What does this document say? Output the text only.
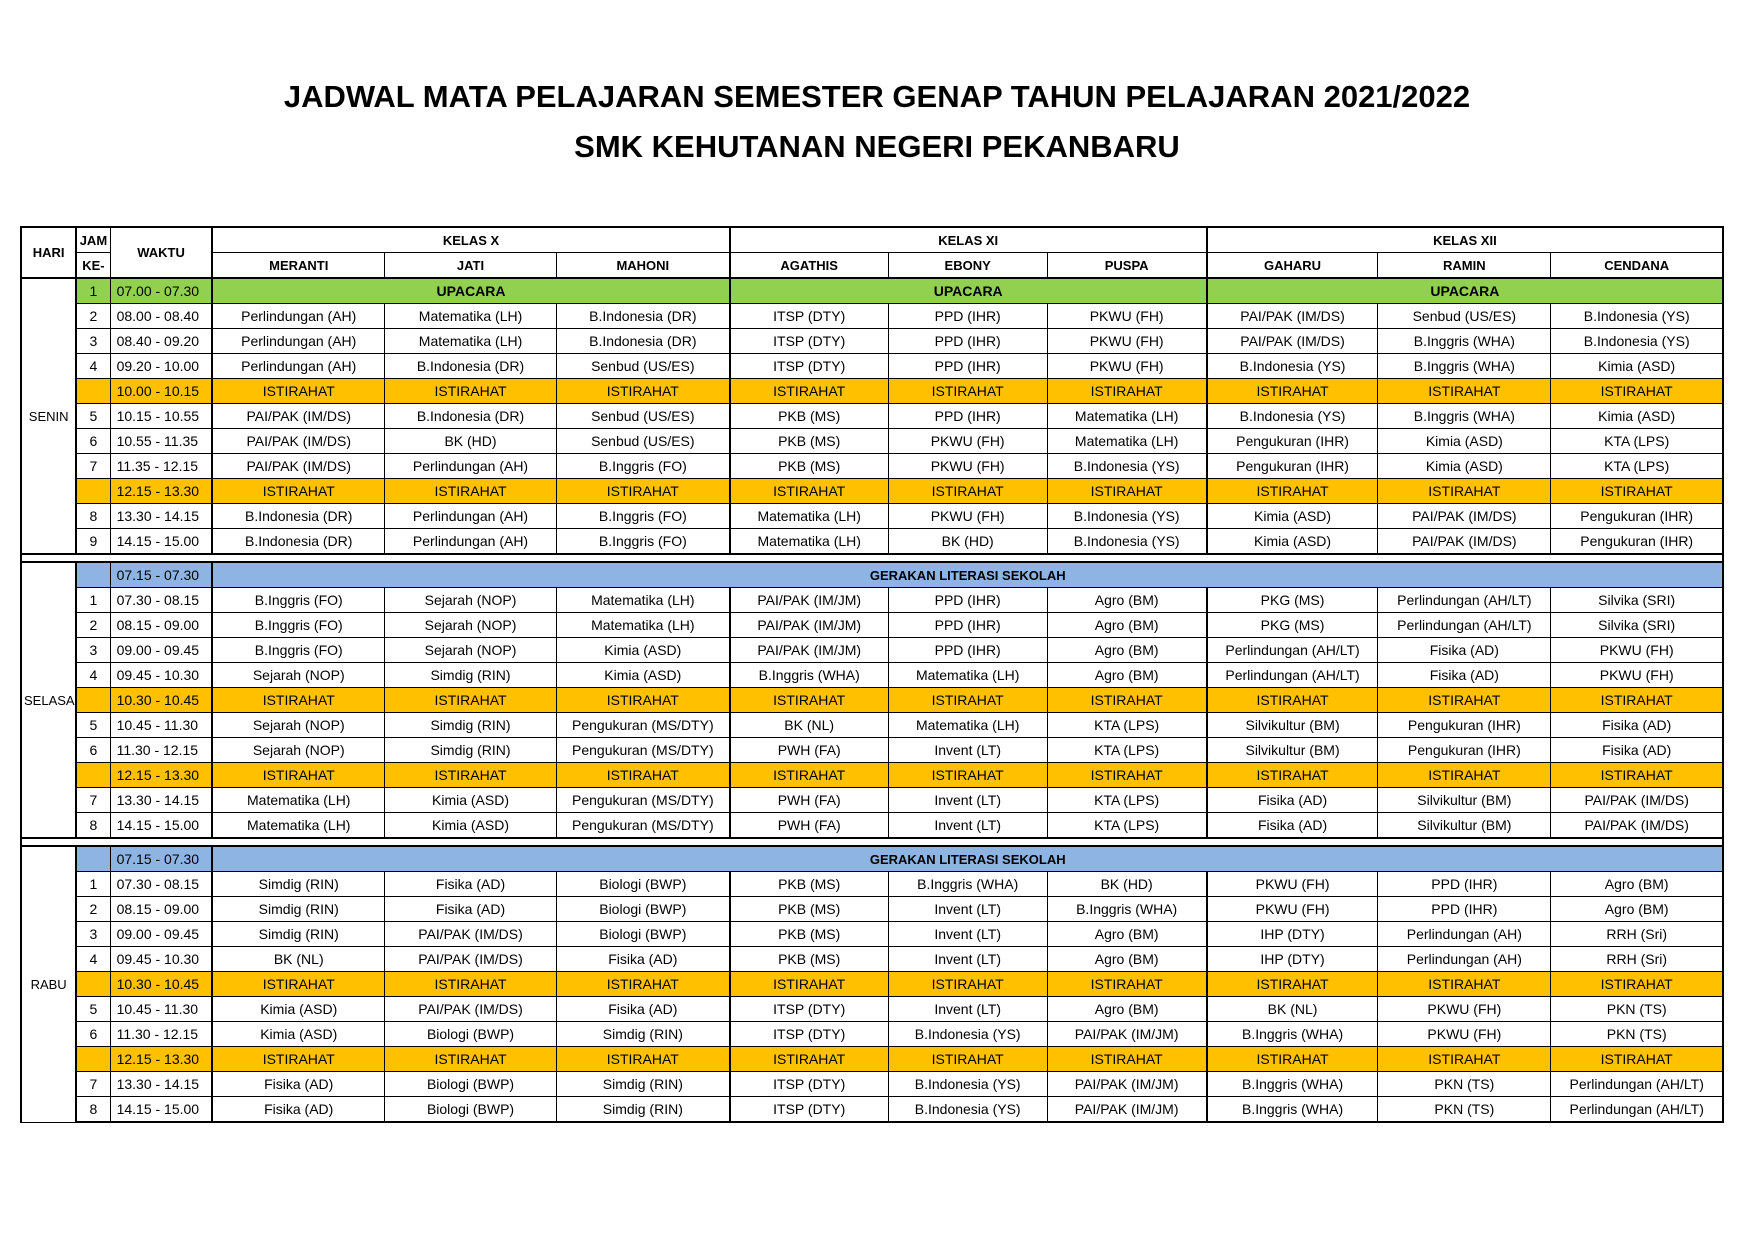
JADWAL MATA PELAJARAN SEMESTER GENAP TAHUN PELAJARAN 2021/2022
SMK KEHUTANAN NEGERI PEKANBARU
HARI	JAM	WAKTU	KELAS X			KELAS XI			KELAS XII		
	KE-		MERANTI	JATI	MAHONI	AGATHIS	EBONY	PUSPA	GAHARU	RAMIN	CENDANA
SENIN	1	07.00 - 07.30	UPACARA			UPACARA			UPACARA		
	2	08.00 - 08.40	Perlindungan (AH)	Matematika (LH)	B.Indonesia (DR)	ITSP (DTY)	PPD (IHR)	PKWU (FH)	PAI/PAK (IM/DS)	Senbud (US/ES)	B.Indonesia (YS)
	3	08.40 - 09.20	Perlindungan (AH)	Matematika (LH)	B.Indonesia (DR)	ITSP (DTY)	PPD (IHR)	PKWU (FH)	PAI/PAK (IM/DS)	B.Inggris (WHA)	B.Indonesia (YS)
	4	09.20 - 10.00	Perlindungan (AH)	B.Indonesia (DR)	Senbud (US/ES)	ITSP (DTY)	PPD (IHR)	PKWU (FH)	B.Indonesia (YS)	B.Inggris (WHA)	Kimia (ASD)
		10.00 - 10.15	ISTIRAHAT	ISTIRAHAT	ISTIRAHAT	ISTIRAHAT	ISTIRAHAT	ISTIRAHAT	ISTIRAHAT	ISTIRAHAT	ISTIRAHAT
	5	10.15 - 10.55	PAI/PAK (IM/DS)	B.Indonesia (DR)	Senbud (US/ES)	PKB (MS)	PPD (IHR)	Matematika (LH)	B.Indonesia (YS)	B.Inggris (WHA)	Kimia (ASD)
	6	10.55 - 11.35	PAI/PAK (IM/DS)	BK (HD)	Senbud (US/ES)	PKB (MS)	PKWU (FH)	Matematika (LH)	Pengukuran (IHR)	Kimia (ASD)	KTA (LPS)
	7	11.35 - 12.15	PAI/PAK (IM/DS)	Perlindungan (AH)	B.Inggris (FO)	PKB (MS)	PKWU (FH)	B.Indonesia (YS)	Pengukuran (IHR)	Kimia (ASD)	KTA (LPS)
		12.15 - 13.30	ISTIRAHAT	ISTIRAHAT	ISTIRAHAT	ISTIRAHAT	ISTIRAHAT	ISTIRAHAT	ISTIRAHAT	ISTIRAHAT	ISTIRAHAT
	8	13.30 - 14.15	B.Indonesia (DR)	Perlindungan (AH)	B.Inggris (FO)	Matematika (LH)	PKWU (FH)	B.Indonesia (YS)	Kimia (ASD)	PAI/PAK (IM/DS)	Pengukuran (IHR)
	9	14.15 - 15.00	B.Indonesia (DR)	Perlindungan (AH)	B.Inggris (FO)	Matematika (LH)	BK (HD)	B.Indonesia (YS)	Kimia (ASD)	PAI/PAK (IM/DS)	Pengukuran (IHR)

SELASA		07.15 - 07.30	GERAKAN LITERASI SEKOLAH								
	1	07.30 - 08.15	B.Inggris (FO)	Sejarah (NOP)	Matematika (LH)	PAI/PAK (IM/JM)	PPD (IHR)	Agro (BM)	PKG (MS)	Perlindungan (AH/LT)	Silvika (SRI)
	2	08.15 - 09.00	B.Inggris (FO)	Sejarah (NOP)	Matematika (LH)	PAI/PAK (IM/JM)	PPD (IHR)	Agro (BM)	PKG (MS)	Perlindungan (AH/LT)	Silvika (SRI)
	3	09.00 - 09.45	B.Inggris (FO)	Sejarah (NOP)	Kimia (ASD)	PAI/PAK (IM/JM)	PPD (IHR)	Agro (BM)	Perlindungan (AH/LT)	Fisika (AD)	PKWU (FH)
	4	09.45 - 10.30	Sejarah (NOP)	Simdig (RIN)	Kimia (ASD)	B.Inggris (WHA)	Matematika (LH)	Agro (BM)	Perlindungan (AH/LT)	Fisika (AD)	PKWU (FH)
		10.30 - 10.45	ISTIRAHAT	ISTIRAHAT	ISTIRAHAT	ISTIRAHAT	ISTIRAHAT	ISTIRAHAT	ISTIRAHAT	ISTIRAHAT	ISTIRAHAT
	5	10.45 - 11.30	Sejarah (NOP)	Simdig (RIN)	Pengukuran (MS/DTY)	BK (NL)	Matematika (LH)	KTA (LPS)	Silvikultur (BM)	Pengukuran (IHR)	Fisika (AD)
	6	11.30 - 12.15	Sejarah (NOP)	Simdig (RIN)	Pengukuran (MS/DTY)	PWH (FA)	Invent (LT)	KTA (LPS)	Silvikultur (BM)	Pengukuran (IHR)	Fisika (AD)
		12.15 - 13.30	ISTIRAHAT	ISTIRAHAT	ISTIRAHAT	ISTIRAHAT	ISTIRAHAT	ISTIRAHAT	ISTIRAHAT	ISTIRAHAT	ISTIRAHAT
	7	13.30 - 14.15	Matematika (LH)	Kimia (ASD)	Pengukuran (MS/DTY)	PWH (FA)	Invent (LT)	KTA (LPS)	Fisika (AD)	Silvikultur (BM)	PAI/PAK (IM/DS)
	8	14.15 - 15.00	Matematika (LH)	Kimia (ASD)	Pengukuran (MS/DTY)	PWH (FA)	Invent (LT)	KTA (LPS)	Fisika (AD)	Silvikultur (BM)	PAI/PAK (IM/DS)

RABU		07.15 - 07.30	GERAKAN LITERASI SEKOLAH								
	1	07.30 - 08.15	Simdig (RIN)	Fisika (AD)	Biologi (BWP)	PKB (MS)	B.Inggris (WHA)	BK (HD)	PKWU (FH)	PPD (IHR)	Agro (BM)
	2	08.15 - 09.00	Simdig (RIN)	Fisika (AD)	Biologi (BWP)	PKB (MS)	Invent (LT)	B.Inggris (WHA)	PKWU (FH)	PPD (IHR)	Agro (BM)
	3	09.00 - 09.45	Simdig (RIN)	PAI/PAK (IM/DS)	Biologi (BWP)	PKB (MS)	Invent (LT)	Agro (BM)	IHP (DTY)	Perlindungan (AH)	RRH (Sri)
	4	09.45 - 10.30	BK (NL)	PAI/PAK (IM/DS)	Fisika (AD)	PKB (MS)	Invent (LT)	Agro (BM)	IHP (DTY)	Perlindungan (AH)	RRH (Sri)
		10.30 - 10.45	ISTIRAHAT	ISTIRAHAT	ISTIRAHAT	ISTIRAHAT	ISTIRAHAT	ISTIRAHAT	ISTIRAHAT	ISTIRAHAT	ISTIRAHAT
	5	10.45 - 11.30	Kimia (ASD)	PAI/PAK (IM/DS)	Fisika (AD)	ITSP (DTY)	Invent (LT)	Agro (BM)	BK (NL)	PKWU (FH)	PKN (TS)
	6	11.30 - 12.15	Kimia (ASD)	Biologi (BWP)	Simdig (RIN)	ITSP (DTY)	B.Indonesia (YS)	PAI/PAK (IM/JM)	B.Inggris (WHA)	PKWU (FH)	PKN (TS)
		12.15 - 13.30	ISTIRAHAT	ISTIRAHAT	ISTIRAHAT	ISTIRAHAT	ISTIRAHAT	ISTIRAHAT	ISTIRAHAT	ISTIRAHAT	ISTIRAHAT
	7	13.30 - 14.15	Fisika (AD)	Biologi (BWP)	Simdig (RIN)	ITSP (DTY)	B.Indonesia (YS)	PAI/PAK (IM/JM)	B.Inggris (WHA)	PKN (TS)	Perlindungan (AH/LT)
	8	14.15 - 15.00	Fisika (AD)	Biologi (BWP)	Simdig (RIN)	ITSP (DTY)	B.Indonesia (YS)	PAI/PAK (IM/JM)	B.Inggris (WHA)	PKN (TS)	Perlindungan (AH/LT)
